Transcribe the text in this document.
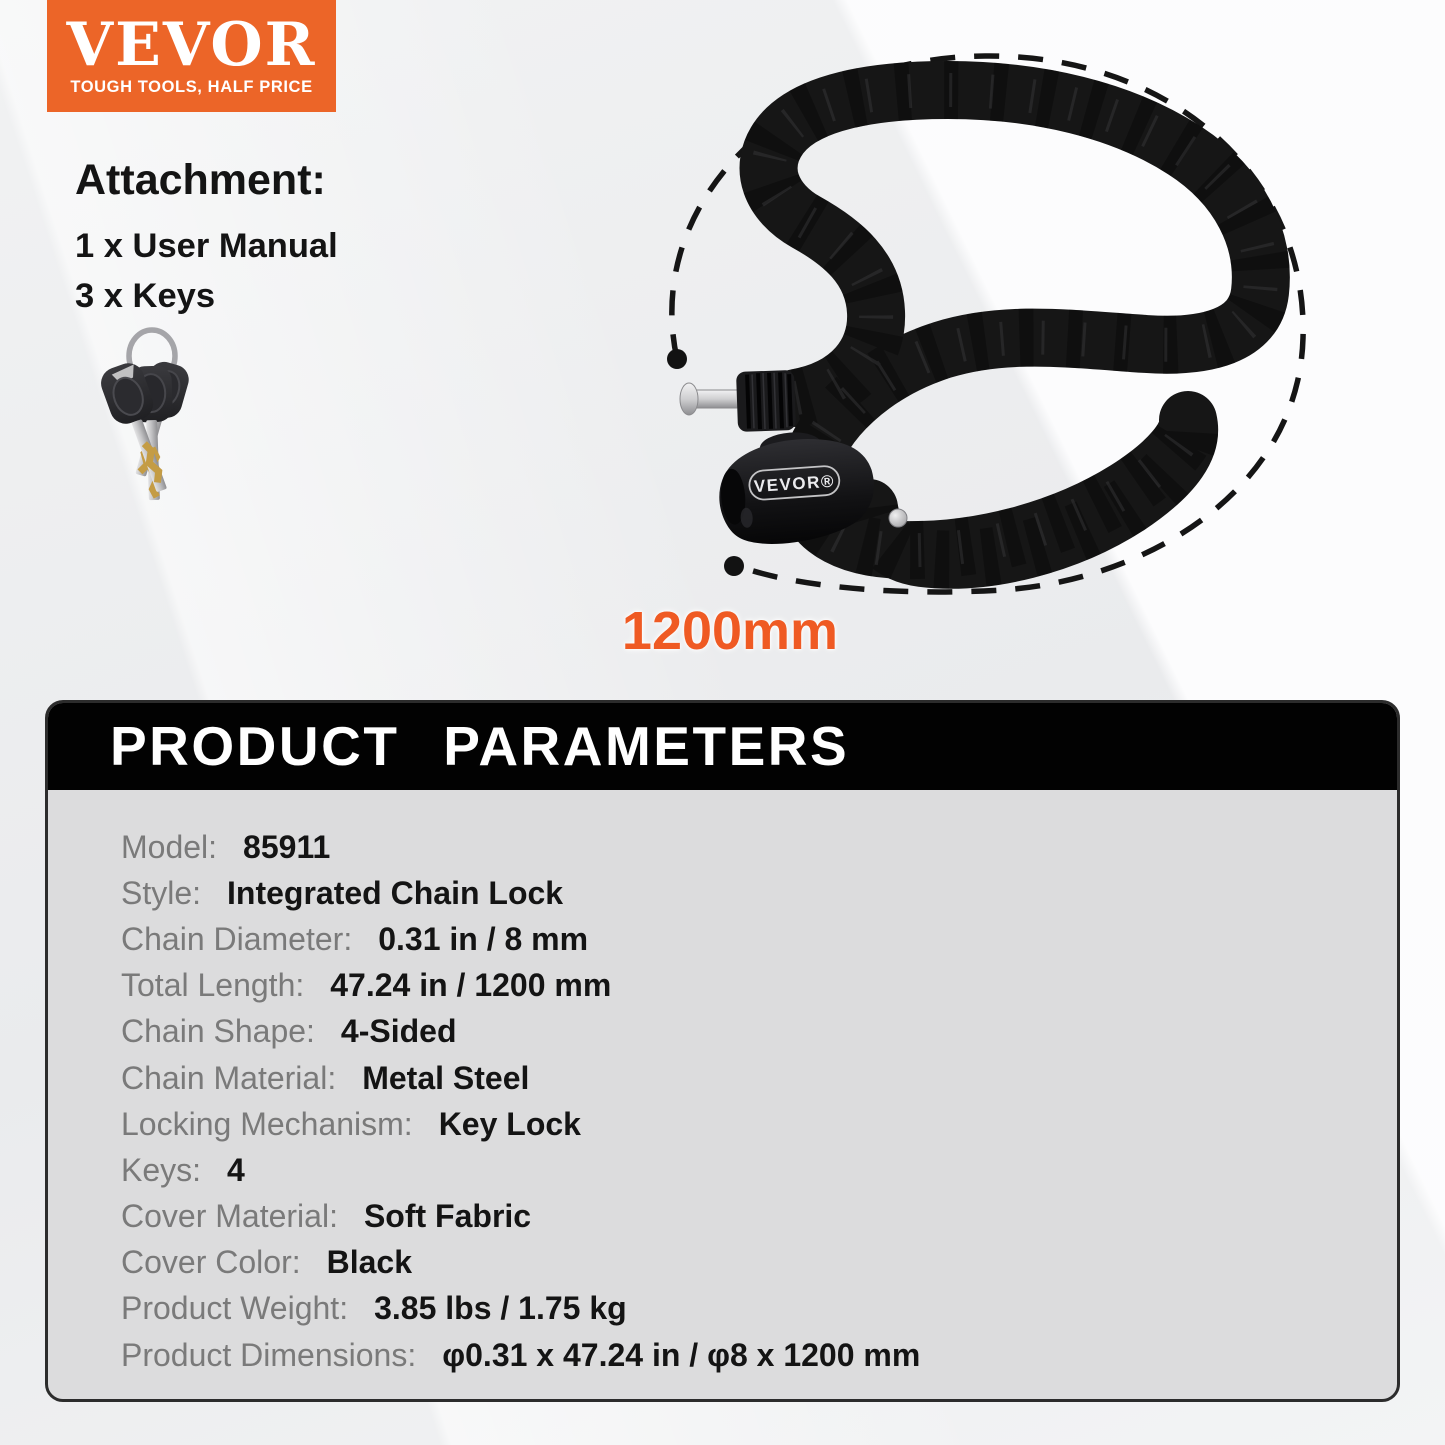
VEVOR
TOUGH TOOLS, HALF PRICE
Attachment:
1 x User Manual
3 x Keys
VEVOR®
1200mm
PRODUCT PARAMETERS
Model: 85911
Style: Integrated Chain Lock
Chain Diameter: 0.31 in / 8 mm
Total Length: 47.24 in / 1200 mm
Chain Shape: 4-Sided
Chain Material: Metal Steel
Locking Mechanism: Key Lock
Keys: 4
Cover Material: Soft Fabric
Cover Color: Black
Product Weight: 3.85 lbs / 1.75 kg
Product Dimensions: φ0.31 x 47.24 in / φ8 x 1200 mm
